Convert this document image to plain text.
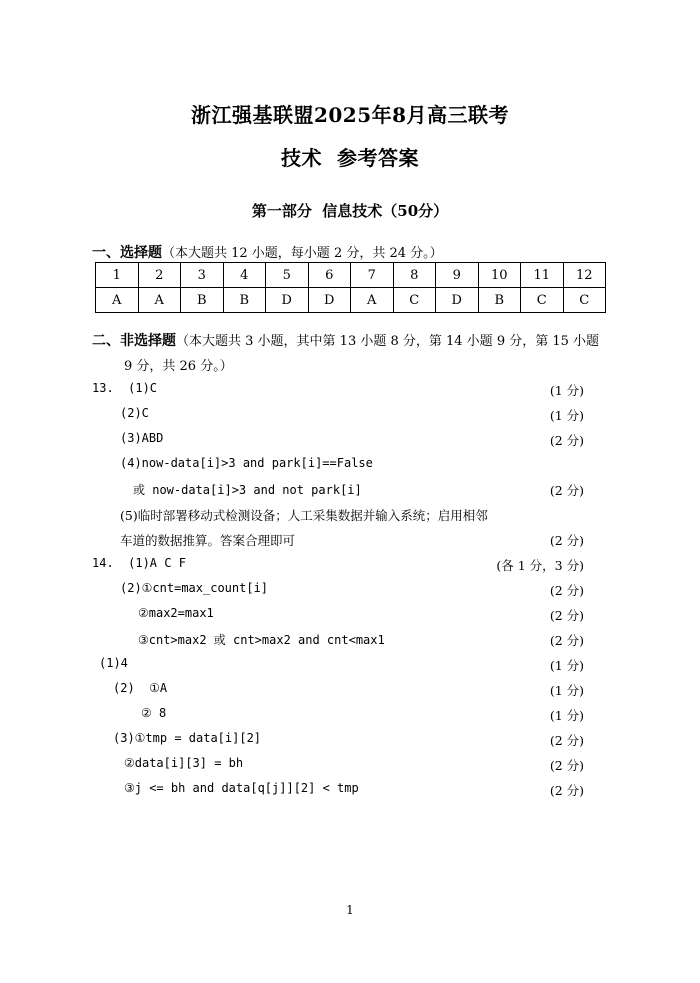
浙江强基联盟2025年8月高三联考
技术  参考答案
第一部分  信息技术（50分）
一、选择题（本大题共 12 小题，每小题 2 分，共 24 分。）
1	2	3	4	5	6	7	8	9	10	11	12
A	A	B	B	D	D	A	C	D	B	C	C
二、非选择题（本大题共 3 小题，其中第 13 小题 8 分，第 14 小题 9 分，第 15 小题
9 分，共 26 分。）
13.  (1)C	(1 分)
(2)C	(1 分)
(3)ABD	(2 分)
(4)now-data[i]>3 and park[i]==False
或 now-data[i]>3 and not park[i]	(2 分)
(5)临时部署移动式检测设备；人工采集数据并输入系统；启用相邻
车道的数据推算。答案合理即可	(2 分)
14.  (1)A C F	(各 1 分，3 分)
(2)①cnt=max_count[i]	(2 分)
②max2=max1	(2 分)
③cnt>max2 或 cnt>max2 and cnt<max1	(2 分)
(1)4	(1 分)
(2)  ①A	(1 分)
② 8	(1 分)
(3)①tmp = data[i][2]	(2 分)
②data[i][3] = bh	(2 分)
③j <= bh and data[q[j]][2] < tmp	(2 分)
1
